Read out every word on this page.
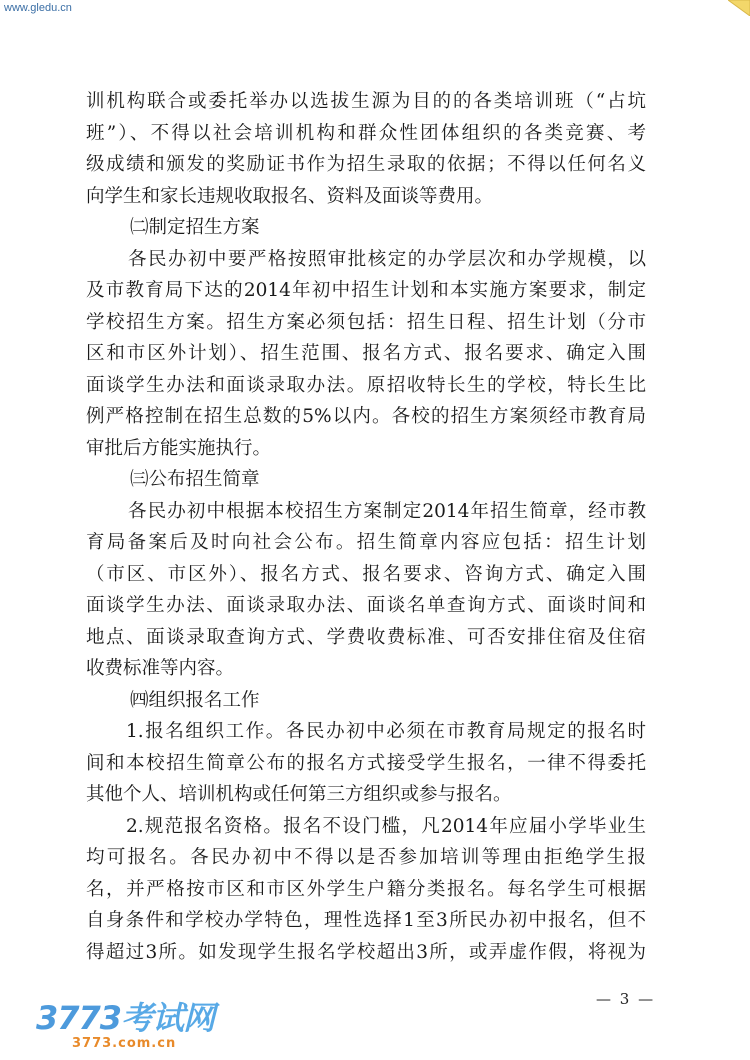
www.gledu.cn
训机构联合或委托举办以选拔生源为目的的各类培训班（“占坑
班”）、不得以社会培训机构和群众性团体组织的各类竞赛、考
级成绩和颁发的奖励证书作为招生录取的依据；不得以任何名义
向学生和家长违规收取报名、资料及面谈等费用。
㈡制定招生方案
各民办初中要严格按照审批核定的办学层次和办学规模，以
及市教育局下达的2014年初中招生计划和本实施方案要求，制定
学校招生方案。招生方案必须包括：招生日程、招生计划（分市
区和市区外计划）、招生范围、报名方式、报名要求、确定入围
面谈学生办法和面谈录取办法。原招收特长生的学校，特长生比
例严格控制在招生总数的5%以内。各校的招生方案须经市教育局
审批后方能实施执行。
㈢公布招生简章
各民办初中根据本校招生方案制定2014年招生简章，经市教
育局备案后及时向社会公布。招生简章内容应包括：招生计划
（市区、市区外）、报名方式、报名要求、咨询方式、确定入围
面谈学生办法、面谈录取办法、面谈名单查询方式、面谈时间和
地点、面谈录取查询方式、学费收费标准、可否安排住宿及住宿
收费标准等内容。
㈣组织报名工作
1.报名组织工作。各民办初中必须在市教育局规定的报名时
间和本校招生简章公布的报名方式接受学生报名，一律不得委托
其他个人、培训机构或任何第三方组织或参与报名。
2.规范报名资格。报名不设门槛，凡2014年应届小学毕业生
均可报名。各民办初中不得以是否参加培训等理由拒绝学生报
名，并严格按市区和市区外学生户籍分类报名。每名学生可根据
自身条件和学校办学特色，理性选择1至3所民办初中报名，但不
得超过3所。如发现学生报名学校超出3所，或弄虚作假，将视为
— 3 —
3773考试网
3773.com.cn
